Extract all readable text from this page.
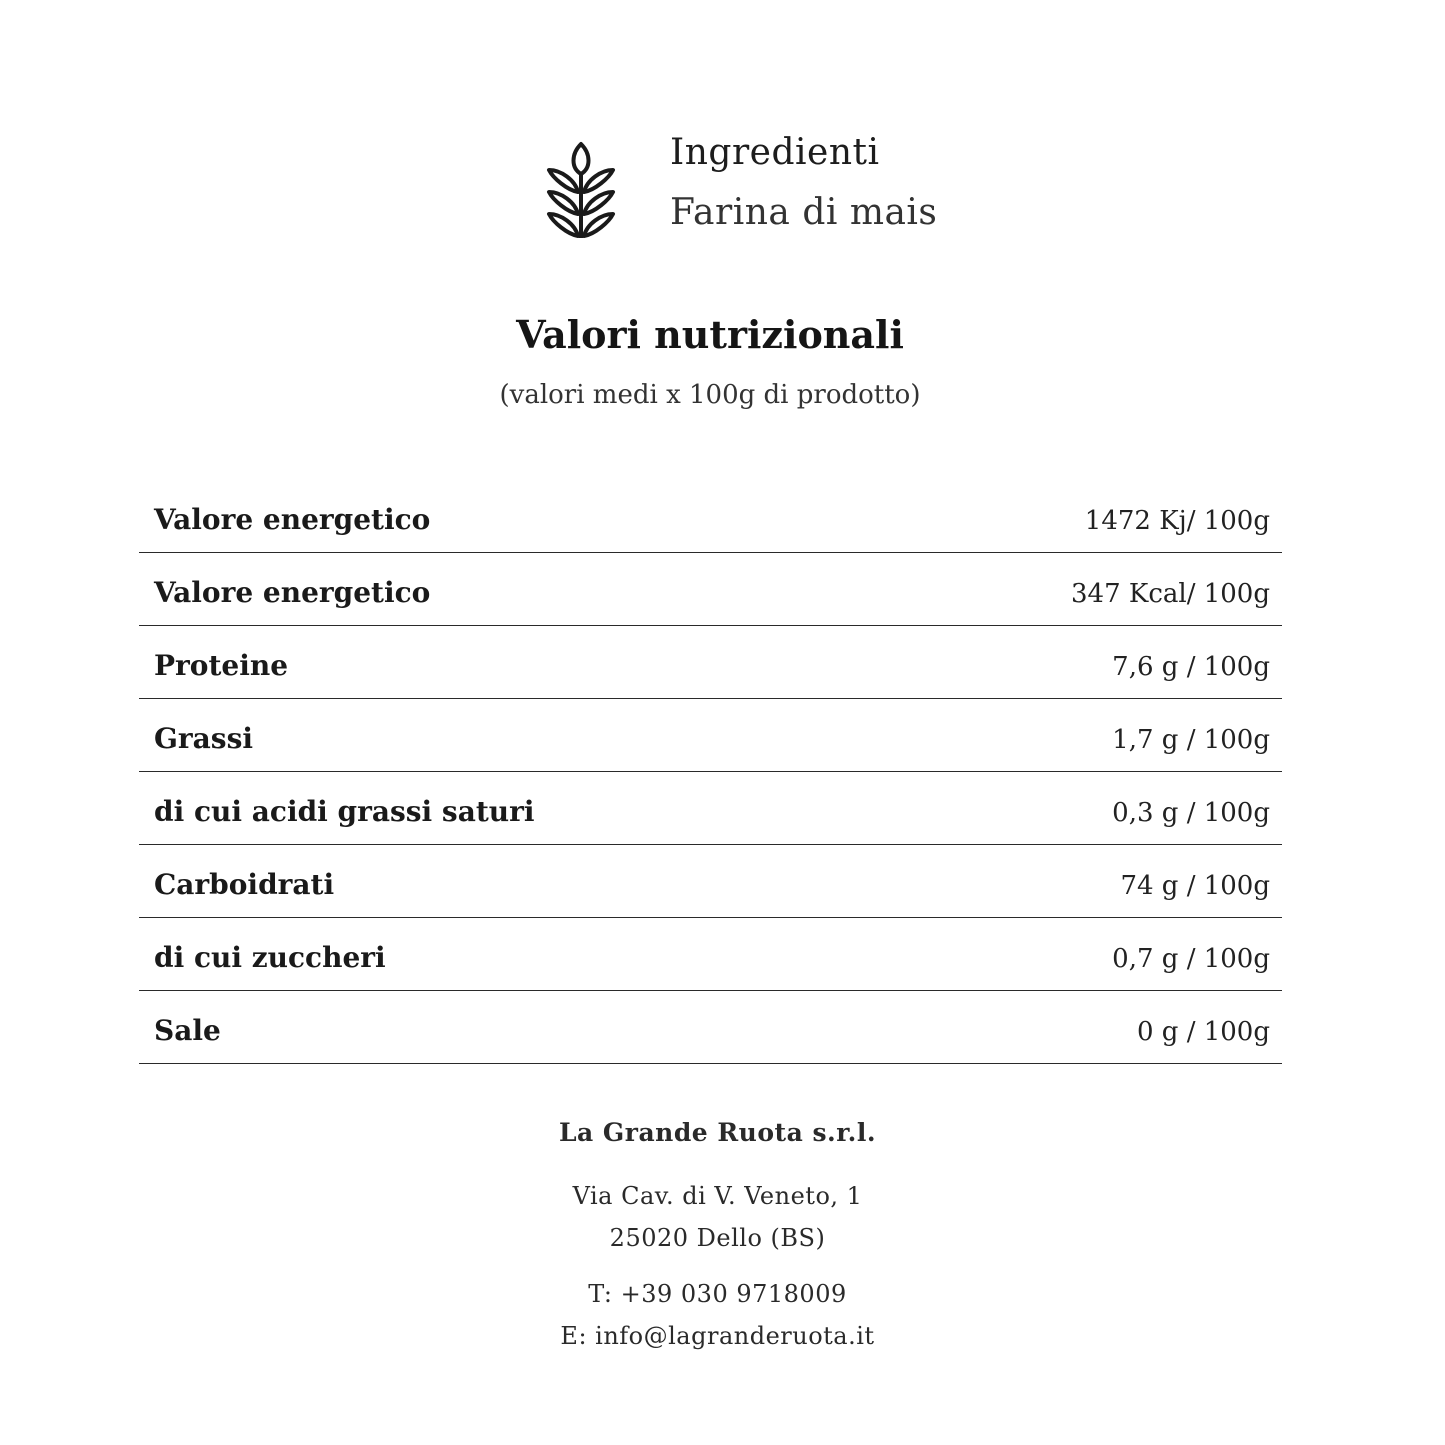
Ingredienti
Farina di mais
Valori nutrizionali
(valori medi x 100g di prodotto)
Valore energetico	1472 Kj/ 100g
Valore energetico	347 Kcal/ 100g
Proteine	7,6 g / 100g
Grassi	1,7 g / 100g
di cui acidi grassi saturi	0,3 g / 100g
Carboidrati	74 g / 100g
di cui zuccheri	0,7 g / 100g
Sale	0 g / 100g

La Grande Ruota s.r.l.

Via Cav. di V. Veneto, 1
25020 Dello (BS)

T: +39 030 9718009
E: info@lagranderuota.it
